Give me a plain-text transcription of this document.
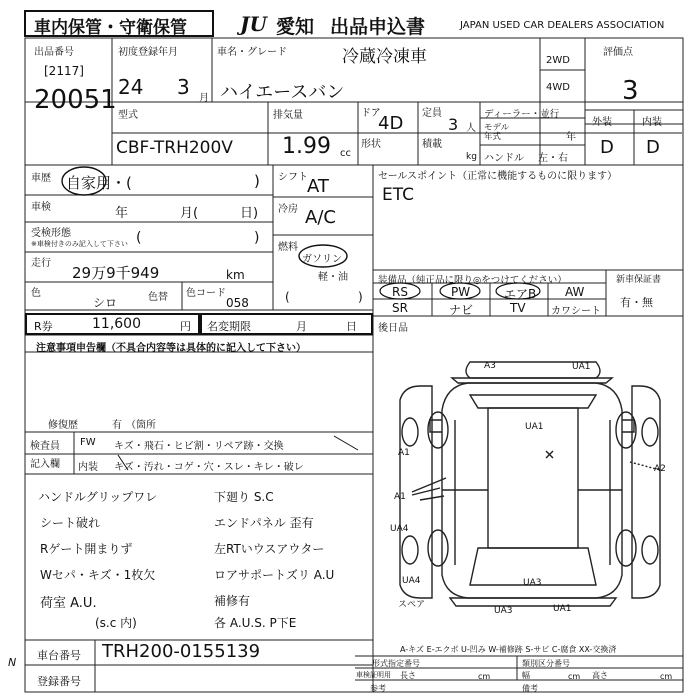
車内保管・守衛保管	JU 愛知 出品申込書	JAPAN USED CAR DEALERS ASSOCIATION
出品番号
[2117]
20051
初度登録年月
24 3 月
車名・グレード	冷蔵冷凍車
ハイエースバン
2WD
4WD
評価点
3
外装	内装
D D
型式
CBF-TRH200V
排気量
1.99 cc
ドア
4D
形状
定員
3 人
積載
kg
ディーラー・並行
モデル年式	年
ハンドル 左・右
車歴 自家用・(	)
車検	年	月(	日)
受検形態
※車検付きのみ記入して下さい (	)
走行
29万9千949	km
色
シロ	色替 色コード
058
シフト AT
冷房 A/C
燃料
ガソリン
軽・油
(	)
セールスポイント（正常に機能するものに限ります）
ETC
装備品（純正品に限り◎をつけてください）
RS	PW	エアB AW
SR	ナビ	TV	カワシート
新車保証書
有・無
R券	11,600	円 名変期限	月	日 後日品
注意事項申告欄（不具合内容等は具体的に記入して下さい）
修復歴	有 （箇所
検査員
記入欄
FW キズ・飛石・ヒビ割・リペア跡・交換
内装 キズ・汚れ・コゲ・穴・スレ・キレ・破レ
ハンドルグリップワレ
シート破れ
Rゲート開まりず
Wセパ・キズ・1枚欠
荷室 A.U.
(s.c 内)
下廻り S.C
エンドパネル 歪有
左RTいウスアウター
ロアサポートズリ A.U
補修有
各 A.U.S. P下E
車台番号 TRH200-0155139
登録番号
N
A3	UA1
UA1
A1
A2
A1
UA4
UA4	UA3
UA3	UA1
スペア
A-キズ E-エクボ U-凹み W-補修跡 S-サビ C-腐食 XX-交換済
形式指定番号	類別区分番号
車検証明用 長さ	cm	幅	cm 高さ	cm
参考	備考
